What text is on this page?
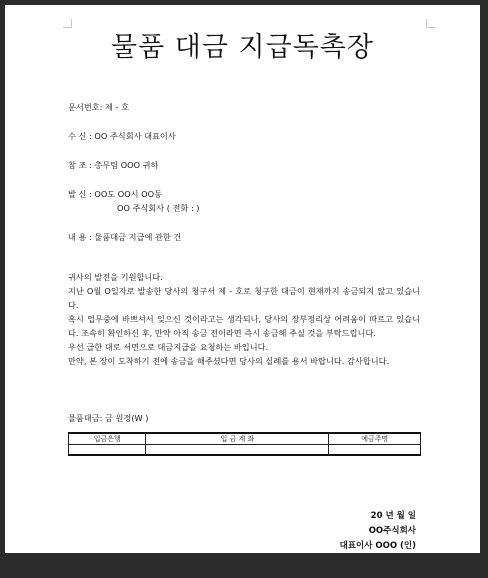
물품 대금 지급독촉장
문서번호: 제 - 호
수 신 : OO 주식회사 대표이사
참 조 : 총무팀 OOO 귀하
발 신 : OO도 OO시 OO동
OO 주식회사 ( 전화 : )
내 용 : 물품대금 지급에 관한 건

귀사의 발전을 기원합니다.

지난 O월 O일자로 발송한 당사의 청구서 제 - 호로 청구한 대금이 현재까지 송금되지 않고 있습니다.

혹시 업무중에 바쁘셔서 잊으신 것이라고는 생각되나, 당사의 장부정리상 어려움이 따르고 있습니다. 조속히 확인하신 후, 만약 아직 송금 전이라면 즉시 송금해 주실 것을 부탁드립니다.

우선 급한 대로 서면으로 대금지급을 요청하는 바입니다.

만약, 본 장이 도착하기 전에 송금을 해주셨다면 당사의 실례를 용서 바랍니다. 감사합니다.

물품대금: 금 원정(W )
입금은행	입 금 계 좌	예금주명

20 년 월 일
OO주식회사
대표이사 OOO (인)
